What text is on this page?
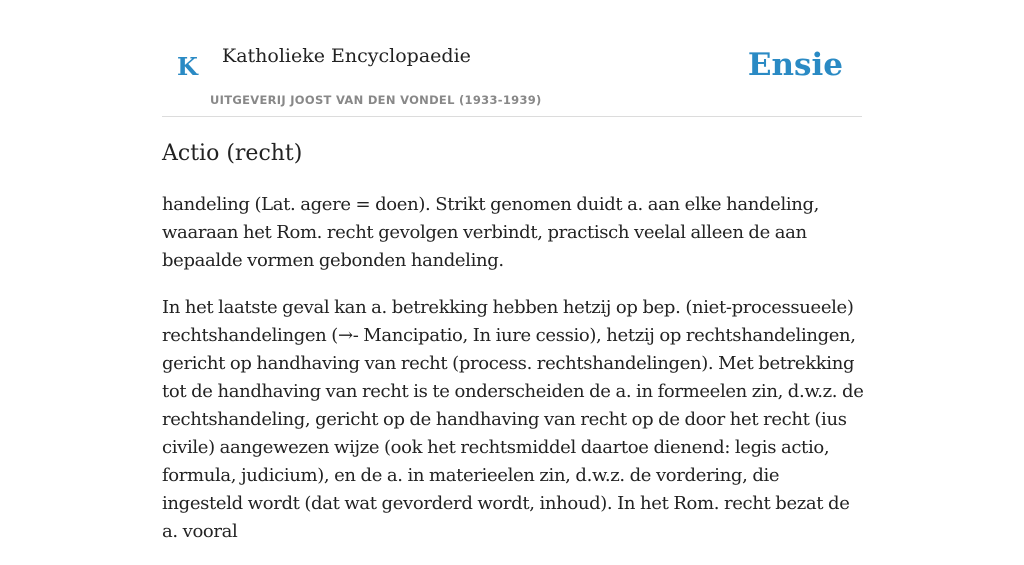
K Katholieke Encyclopaedie
UITGEVERIJ JOOST VAN DEN VONDEL (1933-1939)
Ensie
Actio (recht)

handeling (Lat. agere = doen). Strikt genomen duidt a. aan elke handeling, waaraan het Rom. recht gevolgen verbindt, practisch veelal alleen de aan bepaalde vormen gebonden handeling.

In het laatste geval kan a. betrekking hebben hetzij op bep. (niet-processueele) rechtshandelingen (→- Mancipatio, In iure cessio), hetzij op rechtshandelingen, gericht op handhaving van recht (process. rechtshandelingen). Met betrekking tot de handhaving van recht is te onderscheiden de a. in formeelen zin, d.w.z. de rechtshandeling, gericht op de handhaving van recht op de door het recht (ius civile) aangewezen wijze (ook het rechtsmiddel daartoe dienend: legis actio, formula, judicium), en de a. in materieelen zin, d.w.z. de vordering, die ingesteld wordt (dat wat gevorderd wordt, inhoud). In het Rom. recht bezat de a. vooral
